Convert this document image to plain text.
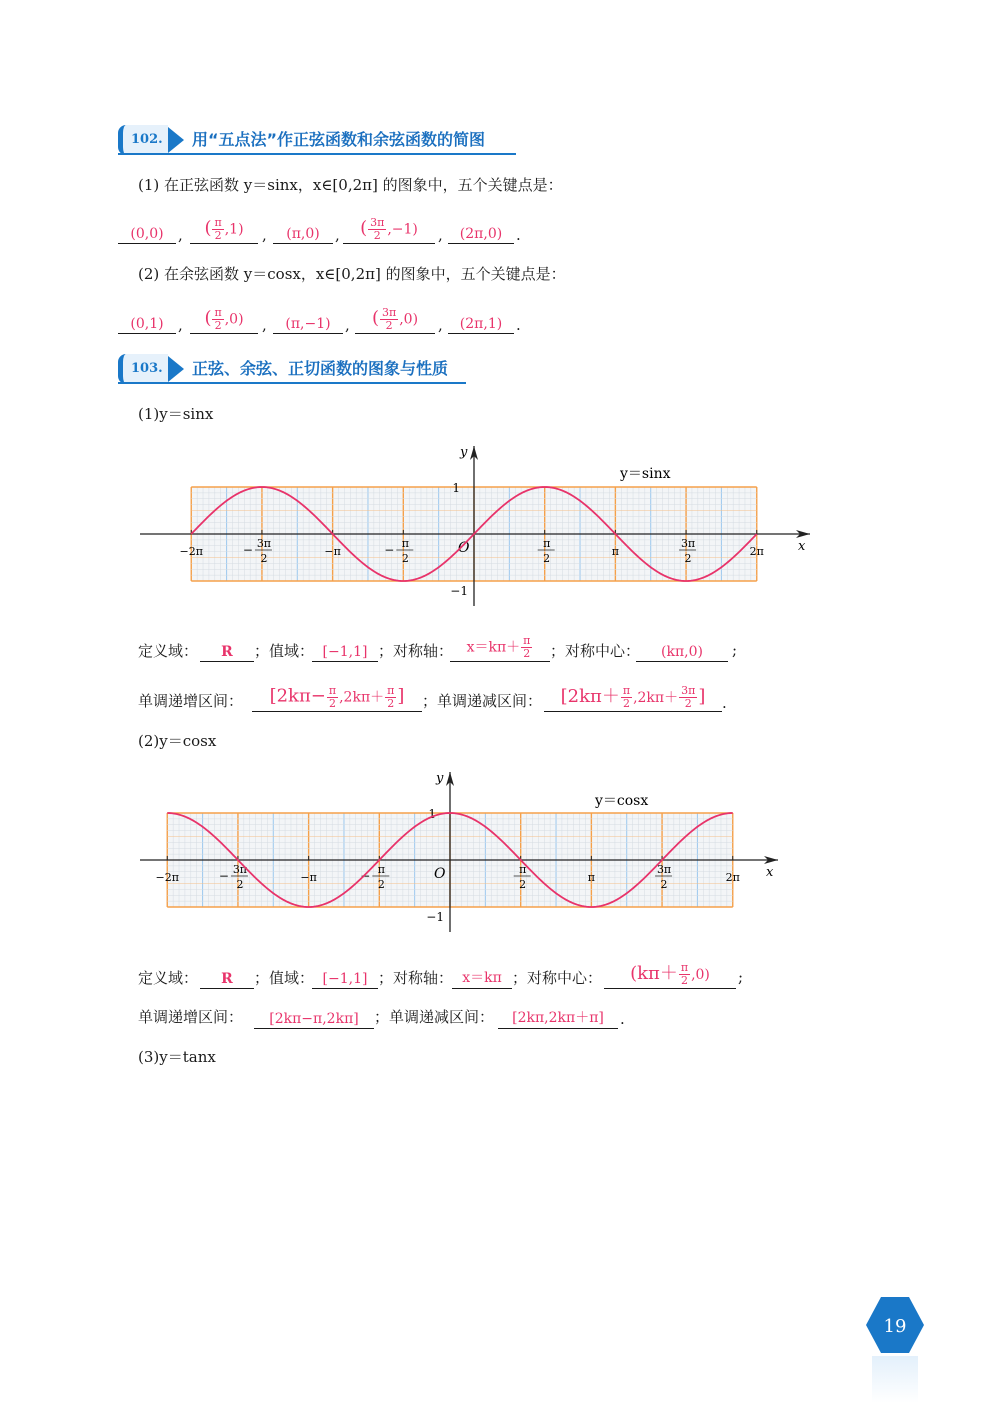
102.	用“五点法”作正弦函数和余弦函数的简图
(1) 在正弦函数 y＝sinx，x∈[0,2π] 的图象中，五个关键点是：
(0,0) , ( $\frac{\pi}{2} ,1$) , (π,0) , ( $\frac{3\pi}{2} ,-1$) , (2π,0) .
(2) 在余弦函数 y＝cosx，x∈[0,2π] 的图象中，五个关键点是：
(0,1) , ( $\frac{\pi}{2} ,0$) , (π,−1) , ( $\frac{3\pi}{2} ,0$) , (2π,1) .
103.	正弦、余弦、正切函数的图象与性质
(1)y＝sinx
x
y
O
1
−1
−2π	− 3π
2
−π	− π
2
π
2
π
3π
2
2π
y＝sinx
定义域： R ；值域： [−1,1] ；对称轴： $x=k\pi+ \frac{\pi}{2}$ ；对称中心： (kπ,0) ;
单调递增区间： [$2k\pi- \frac{\pi}{2} ,2k\pi+ \frac{\pi}{2}$ ] ；单调递减区间： [$2k\pi+ \frac{\pi}{2} ,2k\pi+ \frac{3\pi}{2}$ ] .
(2)y＝cosx
x
y
O
1
−1
−2π	− 3π
2
−π	− π
2
π
2
π
3π
2
2π
y＝cosx
定义域： R ；值域： [−1,1] ；对称轴： x＝kπ ；对称中心： $(k\pi+ \frac{\pi}{2} ,0)$ ;
单调递增区间： [2kπ−π,2kπ] ；单调递减区间： [2kπ,2kπ＋π] .
(3)y＝tanx
19
